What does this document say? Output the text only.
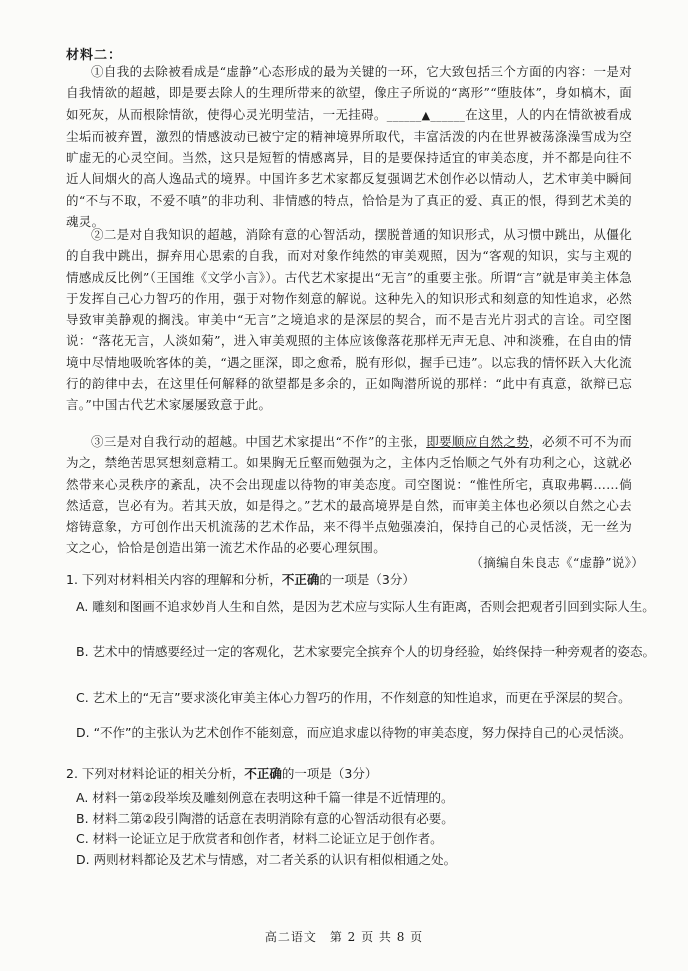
材料二：

①自我的去除被看成是“虚静”心态形成的最为关键的一环，它大致包括三个方面的内容：一是对自我情欲的超越，即是要去除人的生理所带来的欲望，像庄子所说的“离形”“堕肢体”，身如槁木，面如死灰，从而根除情欲，使得心灵光明莹洁，一无挂碍。______▲______在这里，人的内在情欲被看成尘垢而被弃置，激烈的情感波动已被宁定的精神境界所取代，丰富活泼的内在世界被荡涤澡雪成为空旷虚无的心灵空间。当然，这只是短暂的情感离异，目的是要保持适宜的审美态度，并不都是向往不近人间烟火的高人逸品式的境界。中国许多艺术家都反复强调艺术创作必以情动人，艺术审美中瞬间的“不与不取，不爱不嗔”的非功利、非情感的特点，恰恰是为了真正的爱、真正的恨，得到艺术美的魂灵。

②二是对自我知识的超越，消除有意的心智活动，摆脱普通的知识形式，从习惯中跳出，从僵化的自我中跳出，摒弃用心思索的自我，而对对象作纯然的审美观照，因为“客观的知识，实与主观的情感成反比例”（王国维《文学小言》）。古代艺术家提出“无言”的重要主张。所谓“言”就是审美主体急于发挥自己心力智巧的作用，强于对物作刻意的解说。这种先入的知识形式和刻意的知性追求，必然导致审美静观的搁浅。审美中“无言”之境追求的是深层的契合，而不是吉光片羽式的言诠。司空图说：“落花无言，人淡如菊”，进入审美观照的主体应该像落花那样无声无息、冲和淡雅，在自由的情境中尽情地吸吮客体的美，“遇之匪深，即之愈希，脱有形似，握手已违”。以忘我的情怀跃入大化流行的韵律中去，在这里任何解释的欲望都是多余的，正如陶潜所说的那样：“此中有真意，欲辩已忘言。”中国古代艺术家屡屡致意于此。

③三是对自我行动的超越。中国艺术家提出“不作”的主张，即要顺应自然之势，必须不可不为而为之，禁绝苦思冥想刻意精工。如果胸无丘壑而勉强为之，主体内乏怡顺之气外有功利之心，这就必然带来心灵秩序的紊乱，决不会出现虚以待物的审美态度。司空图说：“惟性所宅，真取弗羁……倘然适意，岂必有为。若其天放，如是得之。”艺术的最高境界是自然，而审美主体也必须以自然之心去熔铸意象，方可创作出天机流荡的艺术作品，来不得半点勉强凑泊，保持自己的心灵恬淡，无一丝为文之心，恰恰是创造出第一流艺术作品的必要心理氛围。

（摘编自朱良志《“虚静”说》）

1. 下列对材料相关内容的理解和分析，不正确的一项是（3分）

A. 雕刻和图画不追求妙肖人生和自然，是因为艺术应与实际人生有距离，否则会把观者引回到实际人生。

B. 艺术中的情感要经过一定的客观化，艺术家要完全摈弃个人的切身经验，始终保持一种旁观者的姿态。

C. 艺术上的“无言”要求淡化审美主体心力智巧的作用，不作刻意的知性追求，而更在乎深层的契合。

D. “不作”的主张认为艺术创作不能刻意，而应追求虚以待物的审美态度，努力保持自己的心灵恬淡。

2. 下列对材料论证的相关分析，不正确的一项是（3分）

A. 材料一第②段举埃及雕刻例意在表明这种千篇一律是不近情理的。

B. 材料二第②段引陶潜的话意在表明消除有意的心智活动很有必要。

C. 材料一论证立足于欣赏者和创作者，材料二论证立足于创作者。

D. 两则材料都论及艺术与情感，对二者关系的认识有相似相通之处。

高二语文　第 2 页 共 8 页
